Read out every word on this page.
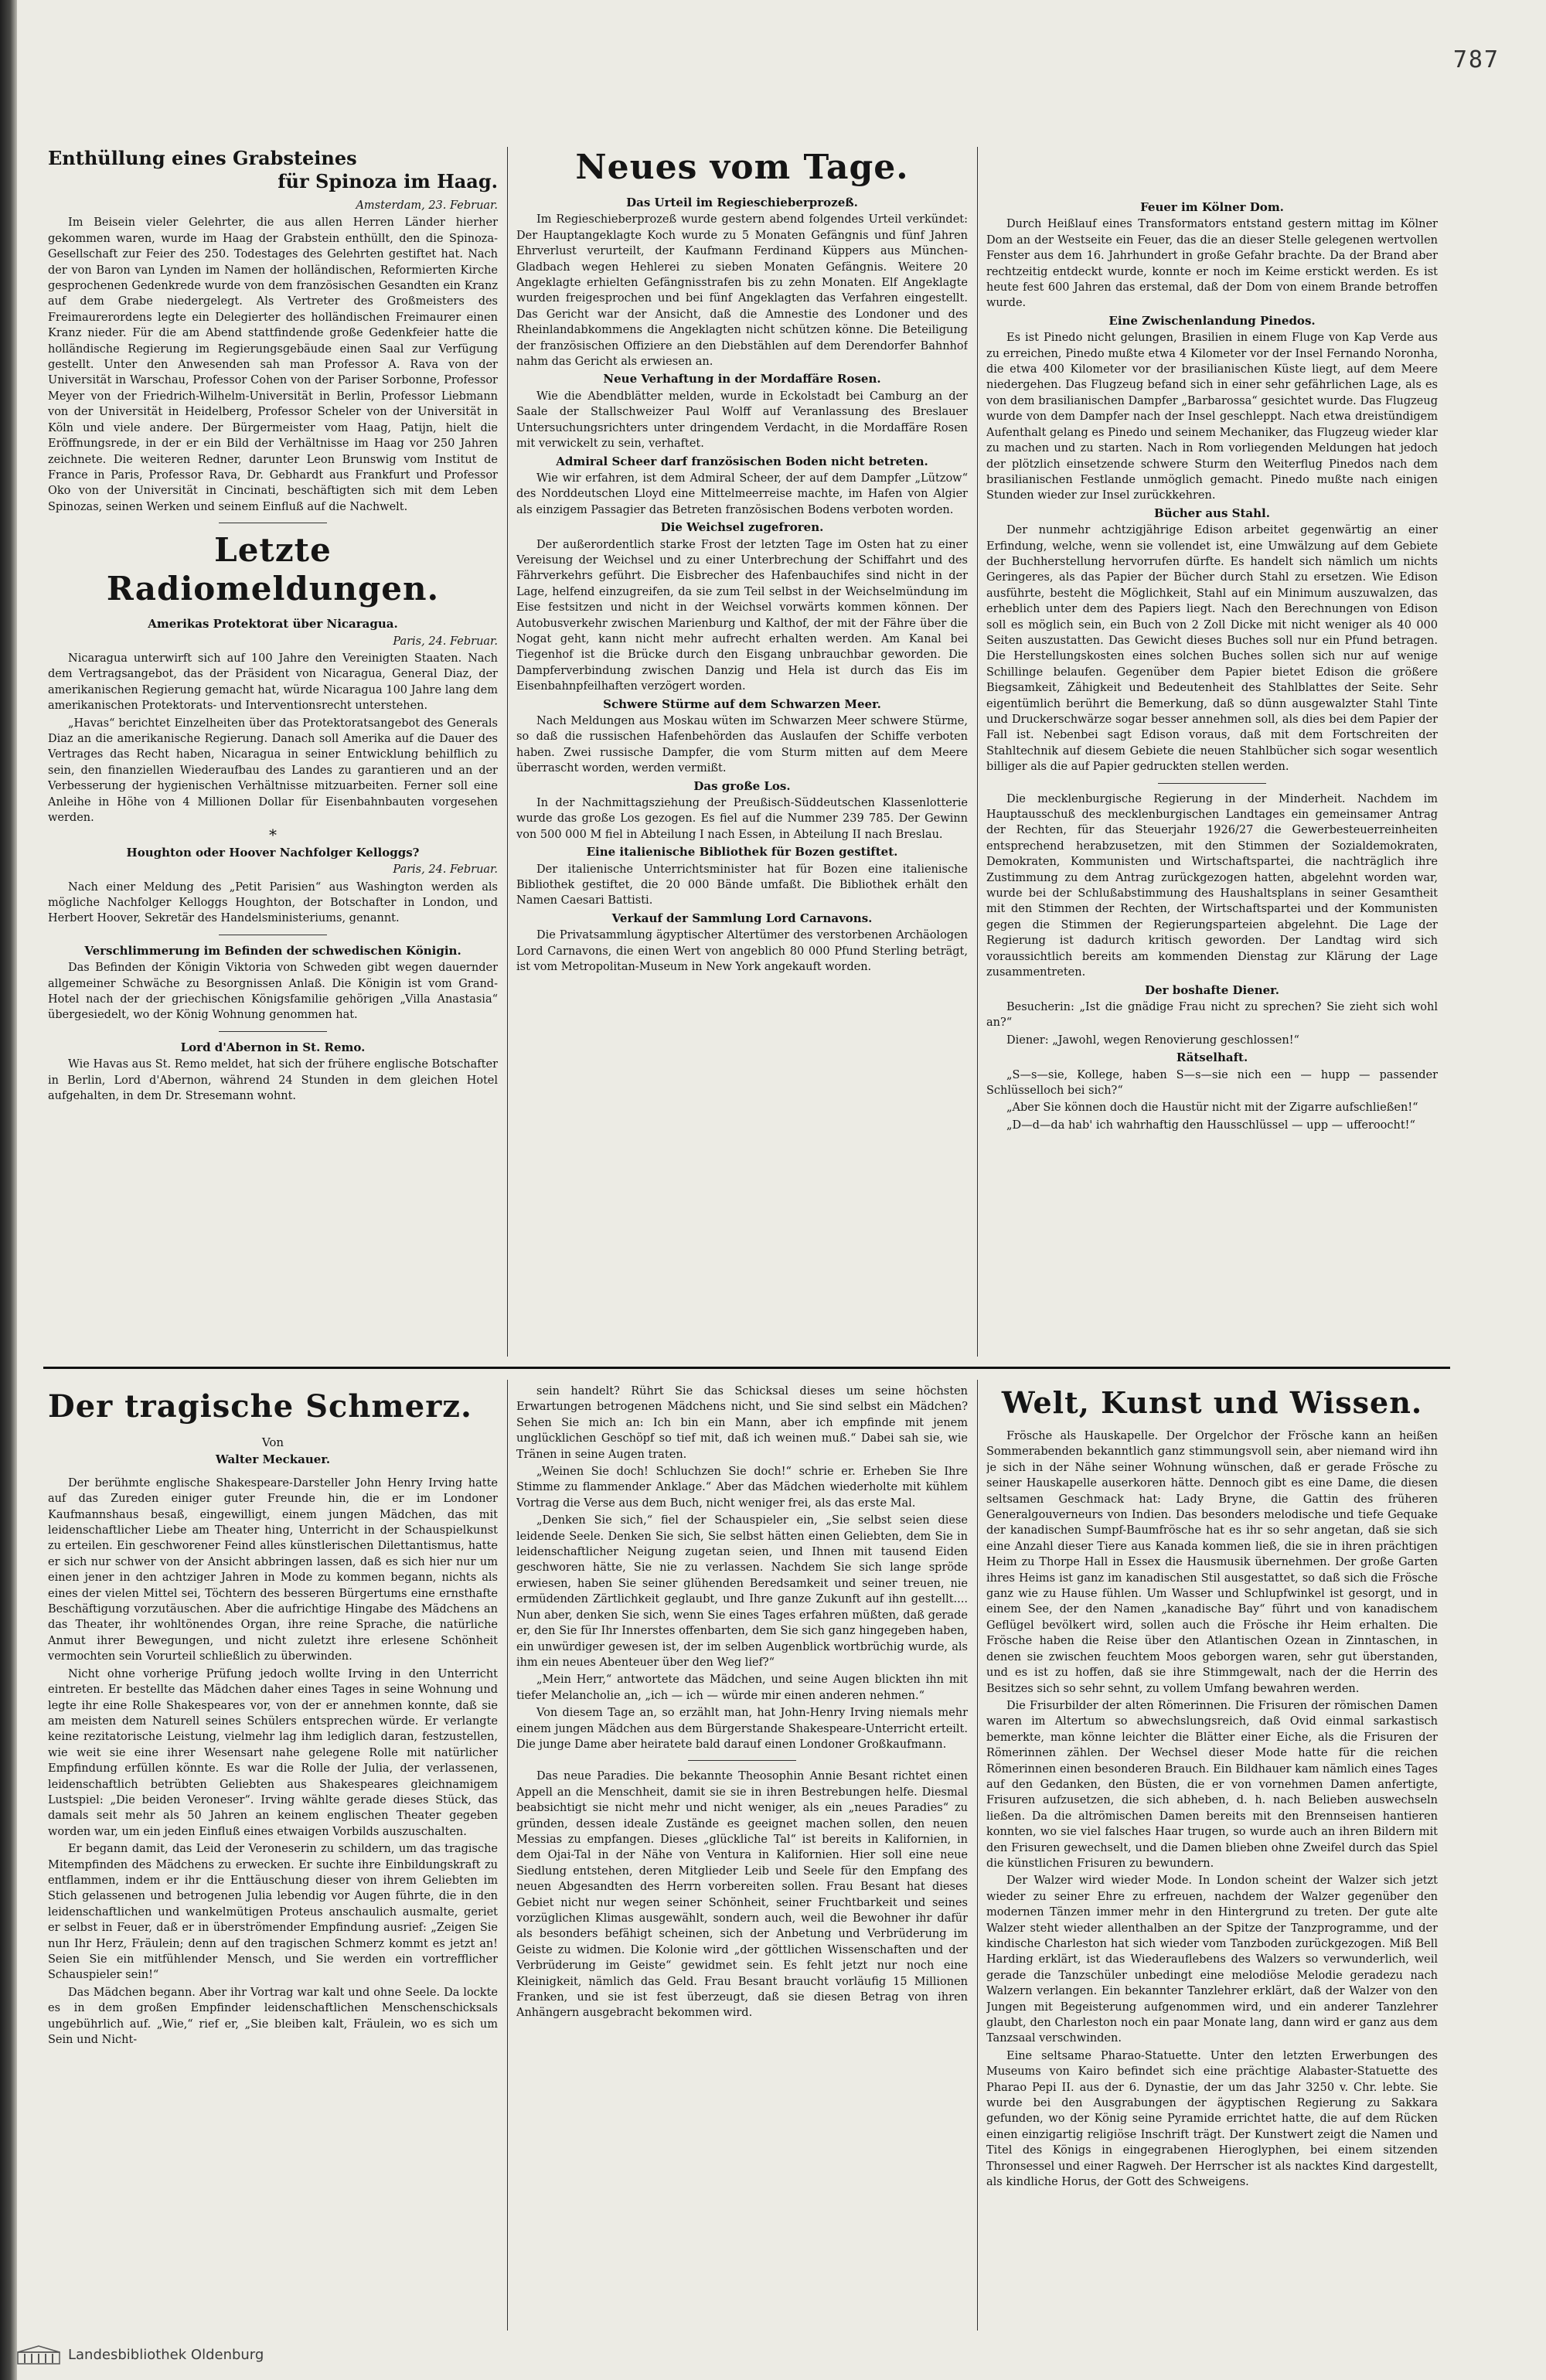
787
Enthüllung eines Grabsteines
für Spinoza im Haag.

Amsterdam, 23. Februar.

Im Beisein vieler Gelehrter, die aus allen Herren Länder hierher gekommen waren, wurde im Haag der Grabstein enthüllt, den die Spinoza-Gesellschaft zur Feier des 250. Todestages des Gelehrten gestiftet hat. Nach der von Baron van Lynden im Namen der holländischen, Reformierten Kirche gesprochenen Gedenkrede wurde von dem französischen Gesandten ein Kranz auf dem Grabe niedergelegt. Als Vertreter des Großmeisters des Freimaurerordens legte ein Delegierter des holländischen Freimaurer einen Kranz nieder. Für die am Abend stattfindende große Gedenkfeier hatte die holländische Regierung im Regierungsgebäude einen Saal zur Verfügung gestellt. Unter den Anwesenden sah man Professor A. Rava von der Universität in Warschau, Professor Cohen von der Pariser Sorbonne, Professor Meyer von der Friedrich-Wilhelm-Universität in Berlin, Professor Liebmann von der Universität in Heidelberg, Professor Scheler von der Universität in Köln und viele andere. Der Bürgermeister vom Haag, Patijn, hielt die Eröffnungsrede, in der er ein Bild der Verhältnisse im Haag vor 250 Jahren zeichnete. Die weiteren Redner, darunter Leon Brunswig vom Institut de France in Paris, Professor Rava, Dr. Gebhardt aus Frankfurt und Professor Oko von der Universität in Cincinati, beschäftigten sich mit dem Leben Spinozas, seinen Werken und seinem Einfluß auf die Nachwelt.

Letzte Radiomeldungen.

Amerikas Protektorat über Nicaragua.

Paris, 24. Februar.

Nicaragua unterwirft sich auf 100 Jahre den Vereinigten Staaten. Nach dem Vertragsangebot, das der Präsident von Nicaragua, General Diaz, der amerikanischen Regierung gemacht hat, würde Nicaragua 100 Jahre lang dem amerikanischen Protektorats- und Interventionsrecht unterstehen.

„Havas“ berichtet Einzelheiten über das Protektoratsangebot des Generals Diaz an die amerikanische Regierung. Danach soll Amerika auf die Dauer des Vertrages das Recht haben, Nicaragua in seiner Entwicklung behilflich zu sein, den finanziellen Wiederaufbau des Landes zu garantieren und an der Verbesserung der hygienischen Verhältnisse mitzuarbeiten. Ferner soll eine Anleihe in Höhe von 4 Millionen Dollar für Eisenbahnbauten vorgesehen werden.

*

Houghton oder Hoover Nachfolger Kelloggs?

Paris, 24. Februar.

Nach einer Meldung des „Petit Parisien“ aus Washington werden als mögliche Nachfolger Kelloggs Houghton, der Botschafter in London, und Herbert Hoover, Sekretär des Handelsministeriums, genannt.

Verschlimmerung im Befinden der schwedischen Königin.

Das Befinden der Königin Viktoria von Schweden gibt wegen dauernder allgemeiner Schwäche zu Besorgnissen Anlaß. Die Königin ist vom Grand-Hotel nach der der griechischen Königsfamilie gehörigen „Villa Anastasia“ übergesiedelt, wo der König Wohnung genommen hat.

Lord d'Abernon in St. Remo.

Wie Havas aus St. Remo meldet, hat sich der frühere englische Botschafter in Berlin, Lord d'Abernon, während 24 Stunden in dem gleichen Hotel aufgehalten, in dem Dr. Stresemann wohnt.

Neues vom Tage.

Das Urteil im Regieschieberprozeß.

Im Regieschieberprozeß wurde gestern abend folgendes Urteil verkündet: Der Hauptangeklagte Koch wurde zu 5 Monaten Gefängnis und fünf Jahren Ehrverlust verurteilt, der Kaufmann Ferdinand Küppers aus München-Gladbach wegen Hehlerei zu sieben Monaten Gefängnis. Weitere 20 Angeklagte erhielten Gefängnisstrafen bis zu zehn Monaten. Elf Angeklagte wurden freigesprochen und bei fünf Angeklagten das Verfahren eingestellt. Das Gericht war der Ansicht, daß die Amnestie des Londoner und des Rheinlandabkommens die Angeklagten nicht schützen könne. Die Beteiligung der französischen Offiziere an den Diebstählen auf dem Derendorfer Bahnhof nahm das Gericht als erwiesen an.

Neue Verhaftung in der Mordaffäre Rosen.

Wie die Abendblätter melden, wurde in Eckolstadt bei Camburg an der Saale der Stallschweizer Paul Wolff auf Veranlassung des Breslauer Untersuchungsrichters unter dringendem Verdacht, in die Mordaffäre Rosen mit verwickelt zu sein, verhaftet.

Admiral Scheer darf französischen Boden nicht betreten.

Wie wir erfahren, ist dem Admiral Scheer, der auf dem Dampfer „Lützow“ des Norddeutschen Lloyd eine Mittelmeerreise machte, im Hafen von Algier als einzigem Passagier das Betreten französischen Bodens verboten worden.

Die Weichsel zugefroren.

Der außerordentlich starke Frost der letzten Tage im Osten hat zu einer Vereisung der Weichsel und zu einer Unterbrechung der Schiffahrt und des Fährverkehrs geführt. Die Eisbrecher des Hafenbauchifes sind nicht in der Lage, helfend einzugreifen, da sie zum Teil selbst in der Weichselmündung im Eise festsitzen und nicht in der Weichsel vorwärts kommen können. Der Autobusverkehr zwischen Marienburg und Kalthof, der mit der Fähre über die Nogat geht, kann nicht mehr aufrecht erhalten werden. Am Kanal bei Tiegenhof ist die Brücke durch den Eisgang unbrauchbar geworden. Die Dampferverbindung zwischen Danzig und Hela ist durch das Eis im Eisenbahnpfeilhaften verzögert worden.

Schwere Stürme auf dem Schwarzen Meer.

Nach Meldungen aus Moskau wüten im Schwarzen Meer schwere Stürme, so daß die russischen Hafenbehörden das Auslaufen der Schiffe verboten haben. Zwei russische Dampfer, die vom Sturm mitten auf dem Meere überrascht worden, werden vermißt.

Das große Los.

In der Nachmittagsziehung der Preußisch-Süddeutschen Klassenlotterie wurde das große Los gezogen. Es fiel auf die Nummer 239 785. Der Gewinn von 500 000 M fiel in Abteilung I nach Essen, in Abteilung II nach Breslau.

Eine italienische Bibliothek für Bozen gestiftet.

Der italienische Unterrichtsminister hat für Bozen eine italienische Bibliothek gestiftet, die 20 000 Bände umfaßt. Die Bibliothek erhält den Namen Caesari Battisti.

Verkauf der Sammlung Lord Carnavons.

Die Privatsammlung ägyptischer Altertümer des verstorbenen Archäologen Lord Carnavons, die einen Wert von angeblich 80 000 Pfund Sterling beträgt, ist vom Metropolitan-Museum in New York angekauft worden.

Feuer im Kölner Dom.

Durch Heißlauf eines Transformators entstand gestern mittag im Kölner Dom an der Westseite ein Feuer, das die an dieser Stelle gelegenen wertvollen Fenster aus dem 16. Jahrhundert in große Gefahr brachte. Da der Brand aber rechtzeitig entdeckt wurde, konnte er noch im Keime erstickt werden. Es ist heute fest 600 Jahren das erstemal, daß der Dom von einem Brande betroffen wurde.

Eine Zwischenlandung Pinedos.

Es ist Pinedo nicht gelungen, Brasilien in einem Fluge von Kap Verde aus zu erreichen, Pinedo mußte etwa 4 Kilometer vor der Insel Fernando Noronha, die etwa 400 Kilometer vor der brasilianischen Küste liegt, auf dem Meere niedergehen. Das Flugzeug befand sich in einer sehr gefährlichen Lage, als es von dem brasilianischen Dampfer „Barbarossa“ gesichtet wurde. Das Flugzeug wurde von dem Dampfer nach der Insel geschleppt. Nach etwa dreistündigem Aufenthalt gelang es Pinedo und seinem Mechaniker, das Flugzeug wieder klar zu machen und zu starten. Nach in Rom vorliegenden Meldungen hat jedoch der plötzlich einsetzende schwere Sturm den Weiterflug Pinedos nach dem brasilianischen Festlande unmöglich gemacht. Pinedo mußte nach einigen Stunden wieder zur Insel zurückkehren.

Bücher aus Stahl.

Der nunmehr achtzigjährige Edison arbeitet gegenwärtig an einer Erfindung, welche, wenn sie vollendet ist, eine Umwälzung auf dem Gebiete der Buchherstellung hervorrufen dürfte. Es handelt sich nämlich um nichts Geringeres, als das Papier der Bücher durch Stahl zu ersetzen. Wie Edison ausführte, besteht die Möglichkeit, Stahl auf ein Minimum auszuwalzen, das erheblich unter dem des Papiers liegt. Nach den Berechnungen von Edison soll es möglich sein, ein Buch von 2 Zoll Dicke mit nicht weniger als 40 000 Seiten auszustatten. Das Gewicht dieses Buches soll nur ein Pfund betragen. Die Herstellungskosten eines solchen Buches sollen sich nur auf wenige Schillinge belaufen. Gegenüber dem Papier bietet Edison die größere Biegsamkeit, Zähigkeit und Bedeutenheit des Stahlblattes der Seite. Sehr eigentümlich berührt die Bemerkung, daß so dünn ausgewalzter Stahl Tinte und Druckerschwärze sogar besser annehmen soll, als dies bei dem Papier der Fall ist. Nebenbei sagt Edison voraus, daß mit dem Fortschreiten der Stahltechnik auf diesem Gebiete die neuen Stahlbücher sich sogar wesentlich billiger als die auf Papier gedruckten stellen werden.

Die mecklenburgische Regierung in der Minderheit. Nachdem im Hauptausschuß des mecklenburgischen Landtages ein gemeinsamer Antrag der Rechten, für das Steuerjahr 1926/27 die Gewerbesteuerreinheiten entsprechend herabzusetzen, mit den Stimmen der Sozialdemokraten, Demokraten, Kommunisten und Wirtschaftspartei, die nachträglich ihre Zustimmung zu dem Antrag zurückgezogen hatten, abgelehnt worden war, wurde bei der Schlußabstimmung des Haushaltsplans in seiner Gesamtheit mit den Stimmen der Rechten, der Wirtschaftspartei und der Kommunisten gegen die Stimmen der Regierungsparteien abgelehnt. Die Lage der Regierung ist dadurch kritisch geworden. Der Landtag wird sich voraussichtlich bereits am kommenden Dienstag zur Klärung der Lage zusammentreten.

Der boshafte Diener.

Besucherin: „Ist die gnädige Frau nicht zu sprechen? Sie zieht sich wohl an?“

Diener: „Jawohl, wegen Renovierung geschlossen!“

Rätselhaft.

„S—s—sie, Kollege, haben S—s—sie nich een — hupp — passender Schlüsselloch bei sich?“

„Aber Sie können doch die Haustür nicht mit der Zigarre aufschließen!“

„D—d—da hab' ich wahrhaftig den Hausschlüssel — upp — ufferoocht!“

Der tragische Schmerz.

Von

Walter Meckauer.

Der berühmte englische Shakespeare-Darsteller John Henry Irving hatte auf das Zureden einiger guter Freunde hin, die er im Londoner Kaufmannshaus besaß, eingewilligt, einem jungen Mädchen, das mit leidenschaftlicher Liebe am Theater hing, Unterricht in der Schauspielkunst zu erteilen. Ein geschworener Feind alles künstlerischen Dilettantismus, hatte er sich nur schwer von der Ansicht abbringen lassen, daß es sich hier nur um einen jener in den achtziger Jahren in Mode zu kommen begann, nichts als eines der vielen Mittel sei, Töchtern des besseren Bürgertums eine ernsthafte Beschäftigung vorzutäuschen. Aber die aufrichtige Hingabe des Mädchens an das Theater, ihr wohltönendes Organ, ihre reine Sprache, die natürliche Anmut ihrer Bewegungen, und nicht zuletzt ihre erlesene Schönheit vermochten sein Vorurteil schließlich zu überwinden.

Nicht ohne vorherige Prüfung jedoch wollte Irving in den Unterricht eintreten. Er bestellte das Mädchen daher eines Tages in seine Wohnung und legte ihr eine Rolle Shakespeares vor, von der er annehmen konnte, daß sie am meisten dem Naturell seines Schülers entsprechen würde. Er verlangte keine rezitatorische Leistung, vielmehr lag ihm lediglich daran, festzustellen, wie weit sie eine ihrer Wesensart nahe gelegene Rolle mit natürlicher Empfindung erfüllen könnte. Es war die Rolle der Julia, der verlassenen, leidenschaftlich betrübten Geliebten aus Shakespeares gleichnamigem Lustspiel: „Die beiden Veroneser“. Irving wählte gerade dieses Stück, das damals seit mehr als 50 Jahren an keinem englischen Theater gegeben worden war, um ein jeden Einfluß eines etwaigen Vorbilds auszuschalten.

Er begann damit, das Leid der Veroneserin zu schildern, um das tragische Mitempfinden des Mädchens zu erwecken. Er suchte ihre Einbildungskraft zu entflammen, indem er ihr die Enttäuschung dieser von ihrem Geliebten im Stich gelassenen und betrogenen Julia lebendig vor Augen führte, die in den leidenschaftlichen und wankelmütigen Proteus anschaulich ausmalte, geriet er selbst in Feuer, daß er in überströmender Empfindung ausrief: „Zeigen Sie nun Ihr Herz, Fräulein; denn auf den tragischen Schmerz kommt es jetzt an! Seien Sie ein mitfühlender Mensch, und Sie werden ein vortrefflicher Schauspieler sein!“

Das Mädchen begann. Aber ihr Vortrag war kalt und ohne Seele. Da lockte es in dem großen Empfinder leidenschaftlichen Menschenschicksals ungebührlich auf. „Wie,“ rief er, „Sie bleiben kalt, Fräulein, wo es sich um Sein und Nicht-

sein handelt? Rührt Sie das Schicksal dieses um seine höchsten Erwartungen betrogenen Mädchens nicht, und Sie sind selbst ein Mädchen? Sehen Sie mich an: Ich bin ein Mann, aber ich empfinde mit jenem unglücklichen Geschöpf so tief mit, daß ich weinen muß.“ Dabei sah sie, wie Tränen in seine Augen traten.

„Weinen Sie doch! Schluchzen Sie doch!“ schrie er. Erheben Sie Ihre Stimme zu flammender Anklage.“ Aber das Mädchen wiederholte mit kühlem Vortrag die Verse aus dem Buch, nicht weniger frei, als das erste Mal.

„Denken Sie sich,“ fiel der Schauspieler ein, „Sie selbst seien diese leidende Seele. Denken Sie sich, Sie selbst hätten einen Geliebten, dem Sie in leidenschaftlicher Neigung zugetan seien, und Ihnen mit tausend Eiden geschworen hätte, Sie nie zu verlassen. Nachdem Sie sich lange spröde erwiesen, haben Sie seiner glühenden Beredsamkeit und seiner treuen, nie ermüdenden Zärtlichkeit geglaubt, und Ihre ganze Zukunft auf ihn gestellt.... Nun aber, denken Sie sich, wenn Sie eines Tages erfahren müßten, daß gerade er, den Sie für Ihr Innerstes offenbarten, dem Sie sich ganz hingegeben haben, ein unwürdiger gewesen ist, der im selben Augenblick wortbrüchig wurde, als ihm ein neues Abenteuer über den Weg lief?“

„Mein Herr,“ antwortete das Mädchen, und seine Augen blickten ihn mit tiefer Melancholie an, „ich — ich — würde mir einen anderen nehmen.“

Von diesem Tage an, so erzählt man, hat John-Henry Irving niemals mehr einem jungen Mädchen aus dem Bürgerstande Shakespeare-Unterricht erteilt. Die junge Dame aber heiratete bald darauf einen Londoner Großkaufmann.

Das neue Paradies. Die bekannte Theosophin Annie Besant richtet einen Appell an die Menschheit, damit sie sie in ihren Bestrebungen helfe. Diesmal beabsichtigt sie nicht mehr und nicht weniger, als ein „neues Paradies“ zu gründen, dessen ideale Zustände es geeignet machen sollen, den neuen Messias zu empfangen. Dieses „glückliche Tal“ ist bereits in Kalifornien, in dem Ojai-Tal in der Nähe von Ventura in Kalifornien. Hier soll eine neue Siedlung entstehen, deren Mitglieder Leib und Seele für den Empfang des neuen Abgesandten des Herrn vorbereiten sollen. Frau Besant hat dieses Gebiet nicht nur wegen seiner Schönheit, seiner Fruchtbarkeit und seines vorzüglichen Klimas ausgewählt, sondern auch, weil die Bewohner ihr dafür als besonders befähigt scheinen, sich der Anbetung und Verbrüderung im Geiste zu widmen. Die Kolonie wird „der göttlichen Wissenschaften und der Verbrüderung im Geiste“ gewidmet sein. Es fehlt jetzt nur noch eine Kleinigkeit, nämlich das Geld. Frau Besant braucht vorläufig 15 Millionen Franken, und sie ist fest überzeugt, daß sie diesen Betrag von ihren Anhängern ausgebracht bekommen wird.

Welt, Kunst und Wissen.

Frösche als Hauskapelle. Der Orgelchor der Frösche kann an heißen Sommerabenden bekanntlich ganz stimmungsvoll sein, aber niemand wird ihn je sich in der Nähe seiner Wohnung wünschen, daß er gerade Frösche zu seiner Hauskapelle auserkoren hätte. Dennoch gibt es eine Dame, die diesen seltsamen Geschmack hat: Lady Bryne, die Gattin des früheren Generalgouverneurs von Indien. Das besonders melodische und tiefe Gequake der kanadischen Sumpf-Baumfrösche hat es ihr so sehr angetan, daß sie sich eine Anzahl dieser Tiere aus Kanada kommen ließ, die sie in ihren prächtigen Heim zu Thorpe Hall in Essex die Hausmusik übernehmen. Der große Garten ihres Heims ist ganz im kanadischen Stil ausgestattet, so daß sich die Frösche ganz wie zu Hause fühlen. Um Wasser und Schlupfwinkel ist gesorgt, und in einem See, der den Namen „kanadische Bay“ führt und von kanadischem Geflügel bevölkert wird, sollen auch die Frösche ihr Heim erhalten. Die Frösche haben die Reise über den Atlantischen Ozean in Zinntaschen, in denen sie zwischen feuchtem Moos geborgen waren, sehr gut überstanden, und es ist zu hoffen, daß sie ihre Stimmgewalt, nach der die Herrin des Besitzes sich so sehr sehnt, zu vollem Umfang bewahren werden.

Die Frisurbilder der alten Römerinnen. Die Frisuren der römischen Damen waren im Altertum so abwechslungsreich, daß Ovid einmal sarkastisch bemerkte, man könne leichter die Blätter einer Eiche, als die Frisuren der Römerinnen zählen. Der Wechsel dieser Mode hatte für die reichen Römerinnen einen besonderen Brauch. Ein Bildhauer kam nämlich eines Tages auf den Gedanken, den Büsten, die er von vornehmen Damen anfertigte, Frisuren aufzusetzen, die sich abheben, d. h. nach Belieben auswechseln ließen. Da die altrömischen Damen bereits mit den Brennseisen hantieren konnten, wo sie viel falsches Haar trugen, so wurde auch an ihren Bildern mit den Frisuren gewechselt, und die Damen blieben ohne Zweifel durch das Spiel die künstlichen Frisuren zu bewundern.

Der Walzer wird wieder Mode. In London scheint der Walzer sich jetzt wieder zu seiner Ehre zu erfreuen, nachdem der Walzer gegenüber den modernen Tänzen immer mehr in den Hintergrund zu treten. Der gute alte Walzer steht wieder allenthalben an der Spitze der Tanzprogramme, und der kindische Charleston hat sich wieder vom Tanzboden zurückgezogen. Miß Bell Harding erklärt, ist das Wiederauflebens des Walzers so verwunderlich, weil gerade die Tanzschüler unbedingt eine melodiöse Melodie geradezu nach Walzern verlangen. Ein bekannter Tanzlehrer erklärt, daß der Walzer von den Jungen mit Begeisterung aufgenommen wird, und ein anderer Tanzlehrer glaubt, den Charleston noch ein paar Monate lang, dann wird er ganz aus dem Tanzsaal verschwinden.

Eine seltsame Pharao-Statuette. Unter den letzten Erwerbungen des Museums von Kairo befindet sich eine prächtige Alabaster-Statuette des Pharao Pepi II. aus der 6. Dynastie, der um das Jahr 3250 v. Chr. lebte. Sie wurde bei den Ausgrabungen der ägyptischen Regierung zu Sakkara gefunden, wo der König seine Pyramide errichtet hatte, die auf dem Rücken einen einzigartig religiöse Inschrift trägt. Der Kunstwert zeigt die Namen und Titel des Königs in eingegrabenen Hieroglyphen, bei einem sitzenden Thronsessel und einer Ragweh. Der Herrscher ist als nacktes Kind dargestellt, als kindliche Horus, der Gott des Schweigens.

Landesbibliothek Oldenburg
